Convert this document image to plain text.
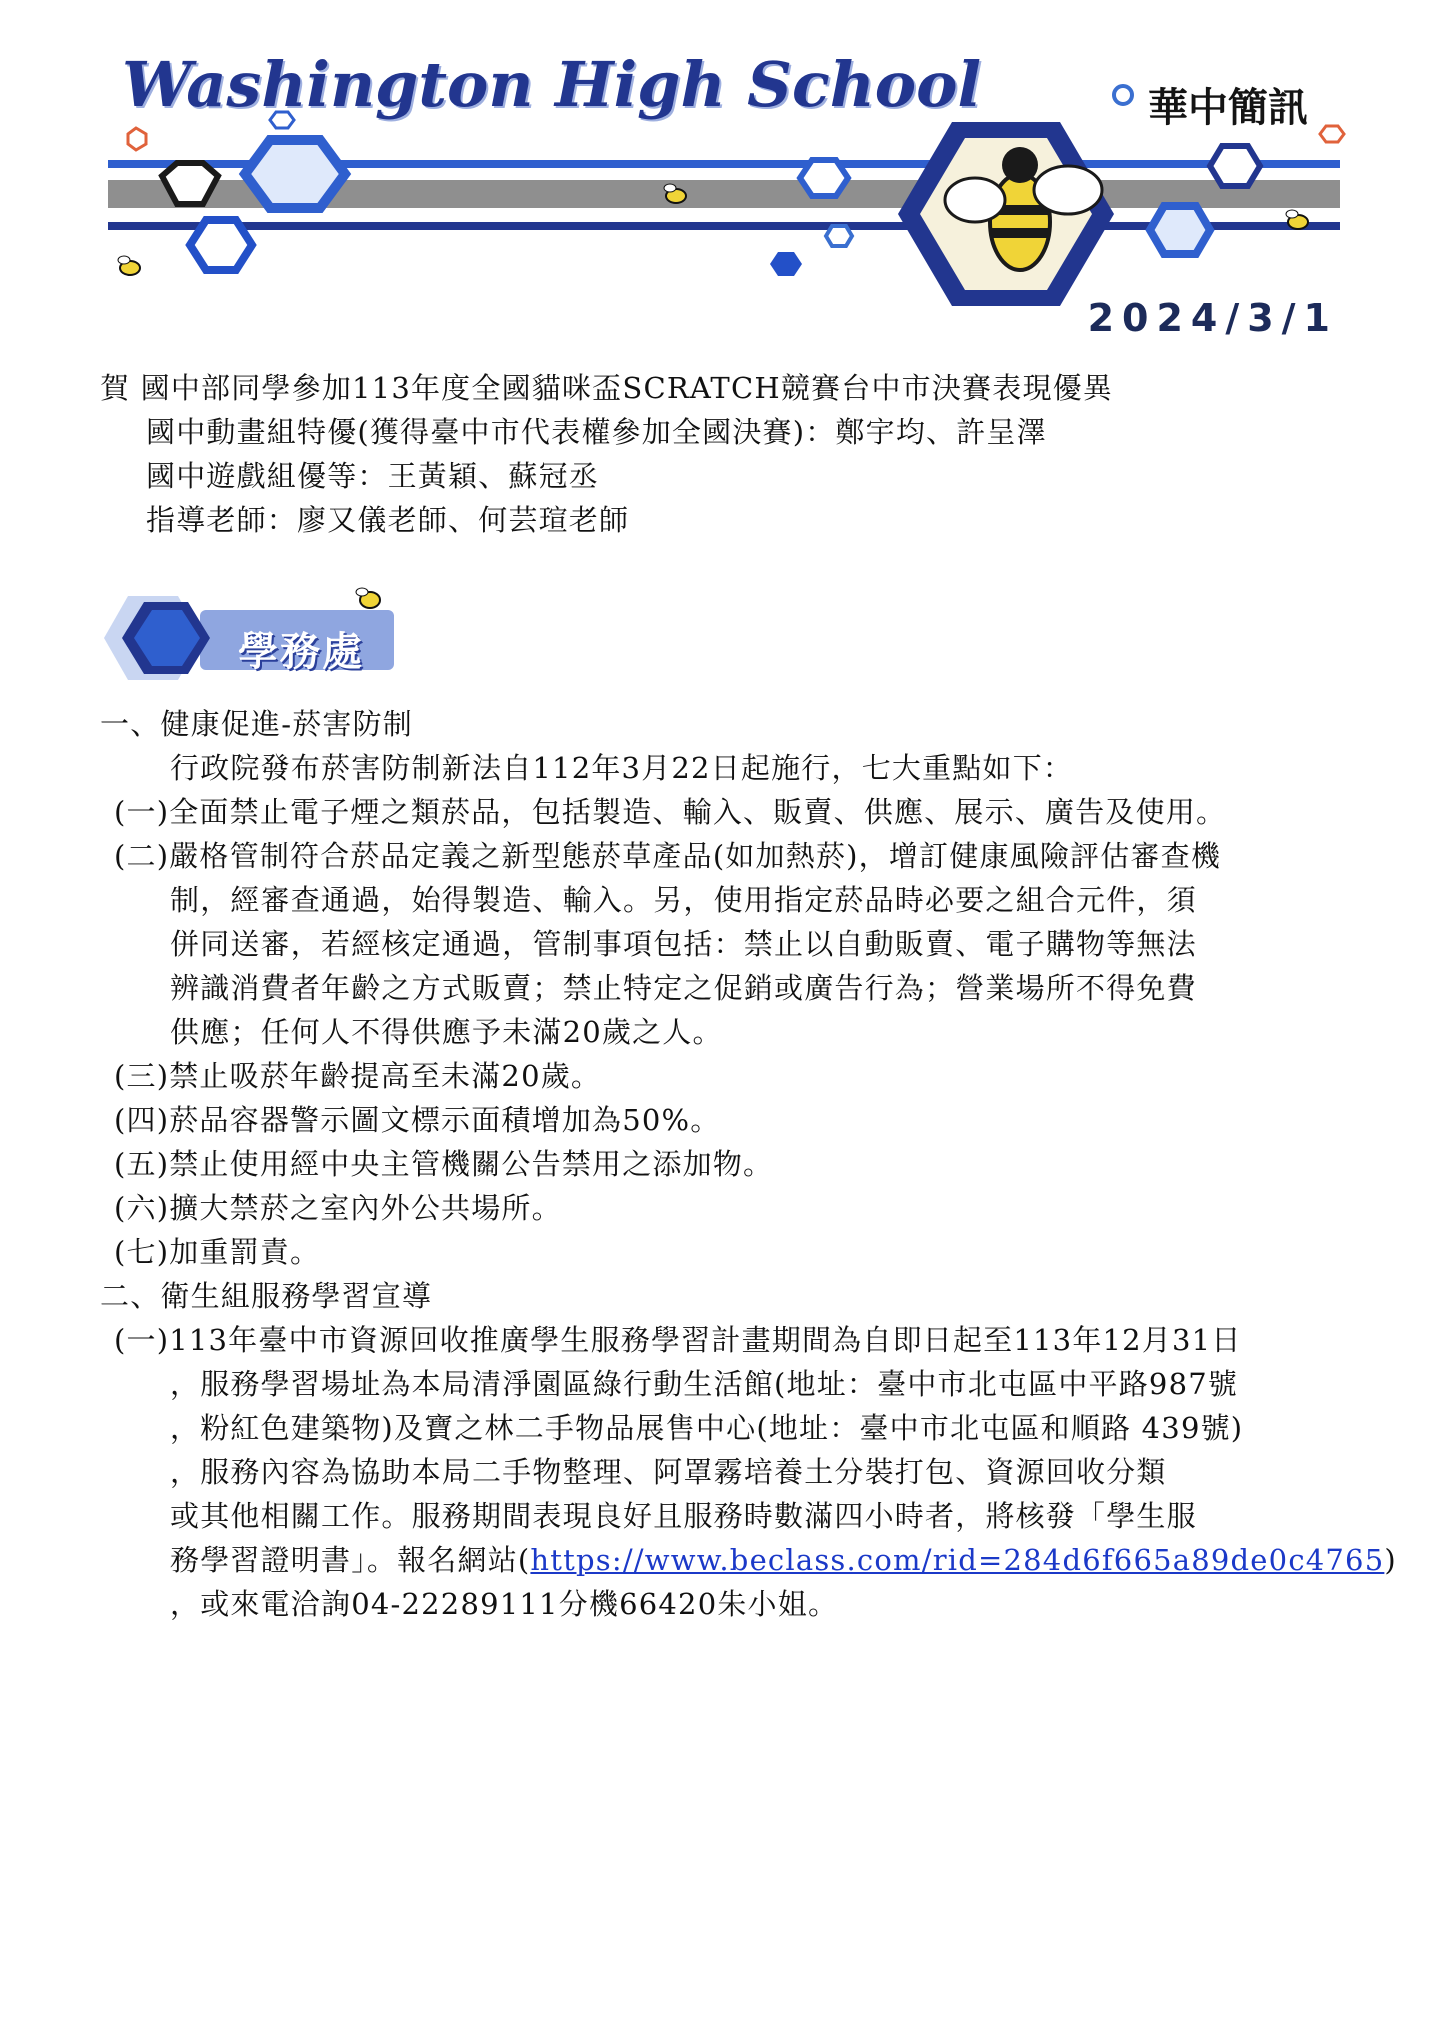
Washington High School	華中簡訊
2024/3/1
賀 國中部同學參加113年度全國貓咪盃SCRATCH競賽台中市決賽表現優異
國中動畫組特優(獲得臺中市代表權參加全國決賽)：鄭宇均、許呈澤
國中遊戲組優等：王黃穎、蘇冠丞
指導老師：廖又儀老師、何芸瑄老師
學務處
一、健康促進-菸害防制
行政院發布菸害防制新法自112年3月22日起施行，七大重點如下：
(一)全面禁止電子煙之類菸品，包括製造、輸入、販賣、供應、展示、廣告及使用。
(二)嚴格管制符合菸品定義之新型態菸草產品(如加熱菸)，增訂健康風險評估審查機
制，經審查通過，始得製造、輸入。另，使用指定菸品時必要之組合元件，須
併同送審，若經核定通過，管制事項包括：禁止以自動販賣、電子購物等無法
辨識消費者年齡之方式販賣；禁止特定之促銷或廣告行為；營業場所不得免費
供應；任何人不得供應予未滿20歲之人。
(三)禁止吸菸年齡提高至未滿20歲。
(四)菸品容器警示圖文標示面積增加為50%。
(五)禁止使用經中央主管機關公告禁用之添加物。
(六)擴大禁菸之室內外公共場所。
(七)加重罰責。
二、衛生組服務學習宣導
(一)113年臺中市資源回收推廣學生服務學習計畫期間為自即日起至113年12月31日
，服務學習場址為本局清淨園區綠行動生活館(地址：臺中市北屯區中平路987號
，粉紅色建築物)及寶之林二手物品展售中心(地址：臺中市北屯區和順路 439號)
，服務內容為協助本局二手物整理、阿罩霧培養土分裝打包、資源回收分類
或其他相關工作。服務期間表現良好且服務時數滿四小時者，將核發「學生服
務學習證明書」。報名網站(https://www.beclass.com/rid=284d6f665a89de0c4765)
，或來電洽詢04-22289111分機66420朱小姐。
